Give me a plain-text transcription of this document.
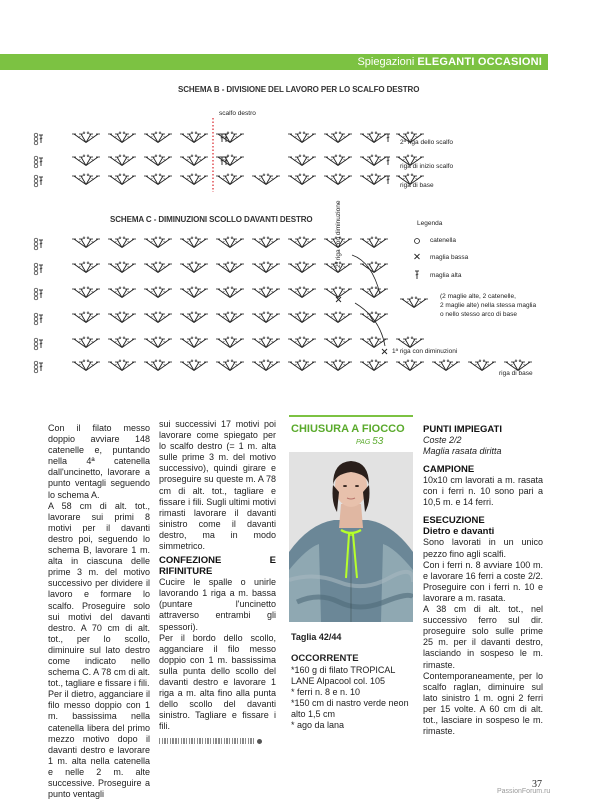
Spiegazioni ELEGANTI OCCASIONI
SCHEMA B - DIVISIONE DEL LAVORO PER LO SCALFO DESTRO
SCHEMA C - DIMINUZIONI SCOLLO DAVANTI DESTRO
scalfo destro
2ª riga dello scalfo
riga di inizio scalfo
riga di base
2ª riga con diminuzione
1ª riga con diminuzioni
riga di base
Legenda
catenella
maglia bassa
maglia alta
(2 maglie alte, 2 catenelle,
2 maglie alte) nella stessa maglia
o nello stesso arco di base

Con il filato messo doppio avviare 148 catenelle e, puntando nella 4ª catenella dall'uncinetto, lavorare a punto ventagli seguendo lo schema A.

A 58 cm di alt. tot., lavorare sui primi 8 motivi per il davanti destro poi, seguendo lo schema B, lavorare 1 m. alta in ciascuna delle prime 3 m. del motivo successivo per dividere il lavoro e formare lo scalfo. Proseguire solo sui motivi del davanti destro. A 70 cm di alt. tot., per lo scollo, diminuire sul lato destro come indicato nello schema C. A 78 cm di alt. tot., tagliare e fissare i fili.

Per il dietro, agganciare il filo messo doppio con 1 m. bassissima nella catenella libera del primo mezzo motivo dopo il davanti destro e lavorare 1 m. alta nella catenella e nelle 2 m. alte successive. Proseguire a punto ventagli

sui successivi 17 motivi poi lavorare come spiegato per lo scalfo destro (= 1 m. alta sulle prime 3 m. del motivo successivo), quindi girare e proseguire su queste m. A 78 cm di alt. tot., tagliare e fissare i fili. Sugli ultimi motivi rimasti lavorare il davanti sinistro come il davanti destro, ma in modo simmetrico.

CONFEZIONE E RIFINITURE

Cucire le spalle o unirle lavorando 1 riga a m. bassa (puntare l'uncinetto attraverso entrambi gli spessori).

Per il bordo dello scollo, agganciare il filo messo doppio con 1 m. bassissima sulla punta dello scollo del davanti destro e lavorare 1 riga a m. alta fino alla punta dello scollo del davanti sinistro. Tagliare e fissare i fili.

CHIUSURA A FIOCCO
PAG 53
Taglia 42/44
OCCORRENTE
*160 g di filato TROPICAL LANE Alpacool col. 105
* ferri n. 8 e n. 10
*150 cm di nastro verde neon alto 1,5 cm
* ago da lana
PUNTI IMPIEGATI

Coste 2/2

Maglia rasata diritta

CAMPIONE

10x10 cm lavorati a m. rasata con i ferri n. 10 sono pari a 10,5 m. e 14 ferri.

ESECUZIONE
Dietro e davanti

Sono lavorati in un unico pezzo fino agli scalfi.

Con i ferri n. 8 avviare 100 m. e lavorare 16 ferri a coste 2/2. Proseguire con i ferri n. 10 e lavorare a m. rasata.

A 38 cm di alt. tot., nel successivo ferro sul dir. proseguire solo sulle prime 25 m. per il davanti destro, lasciando in sospeso le m. rimaste. Contemporaneamente, per lo scalfo raglan, diminuire sul lato sinistro 1 m. ogni 2 ferri per 15 volte. A 60 cm di alt. tot., lasciare in sospeso le m. rimaste.

37
PassionForum.ru
